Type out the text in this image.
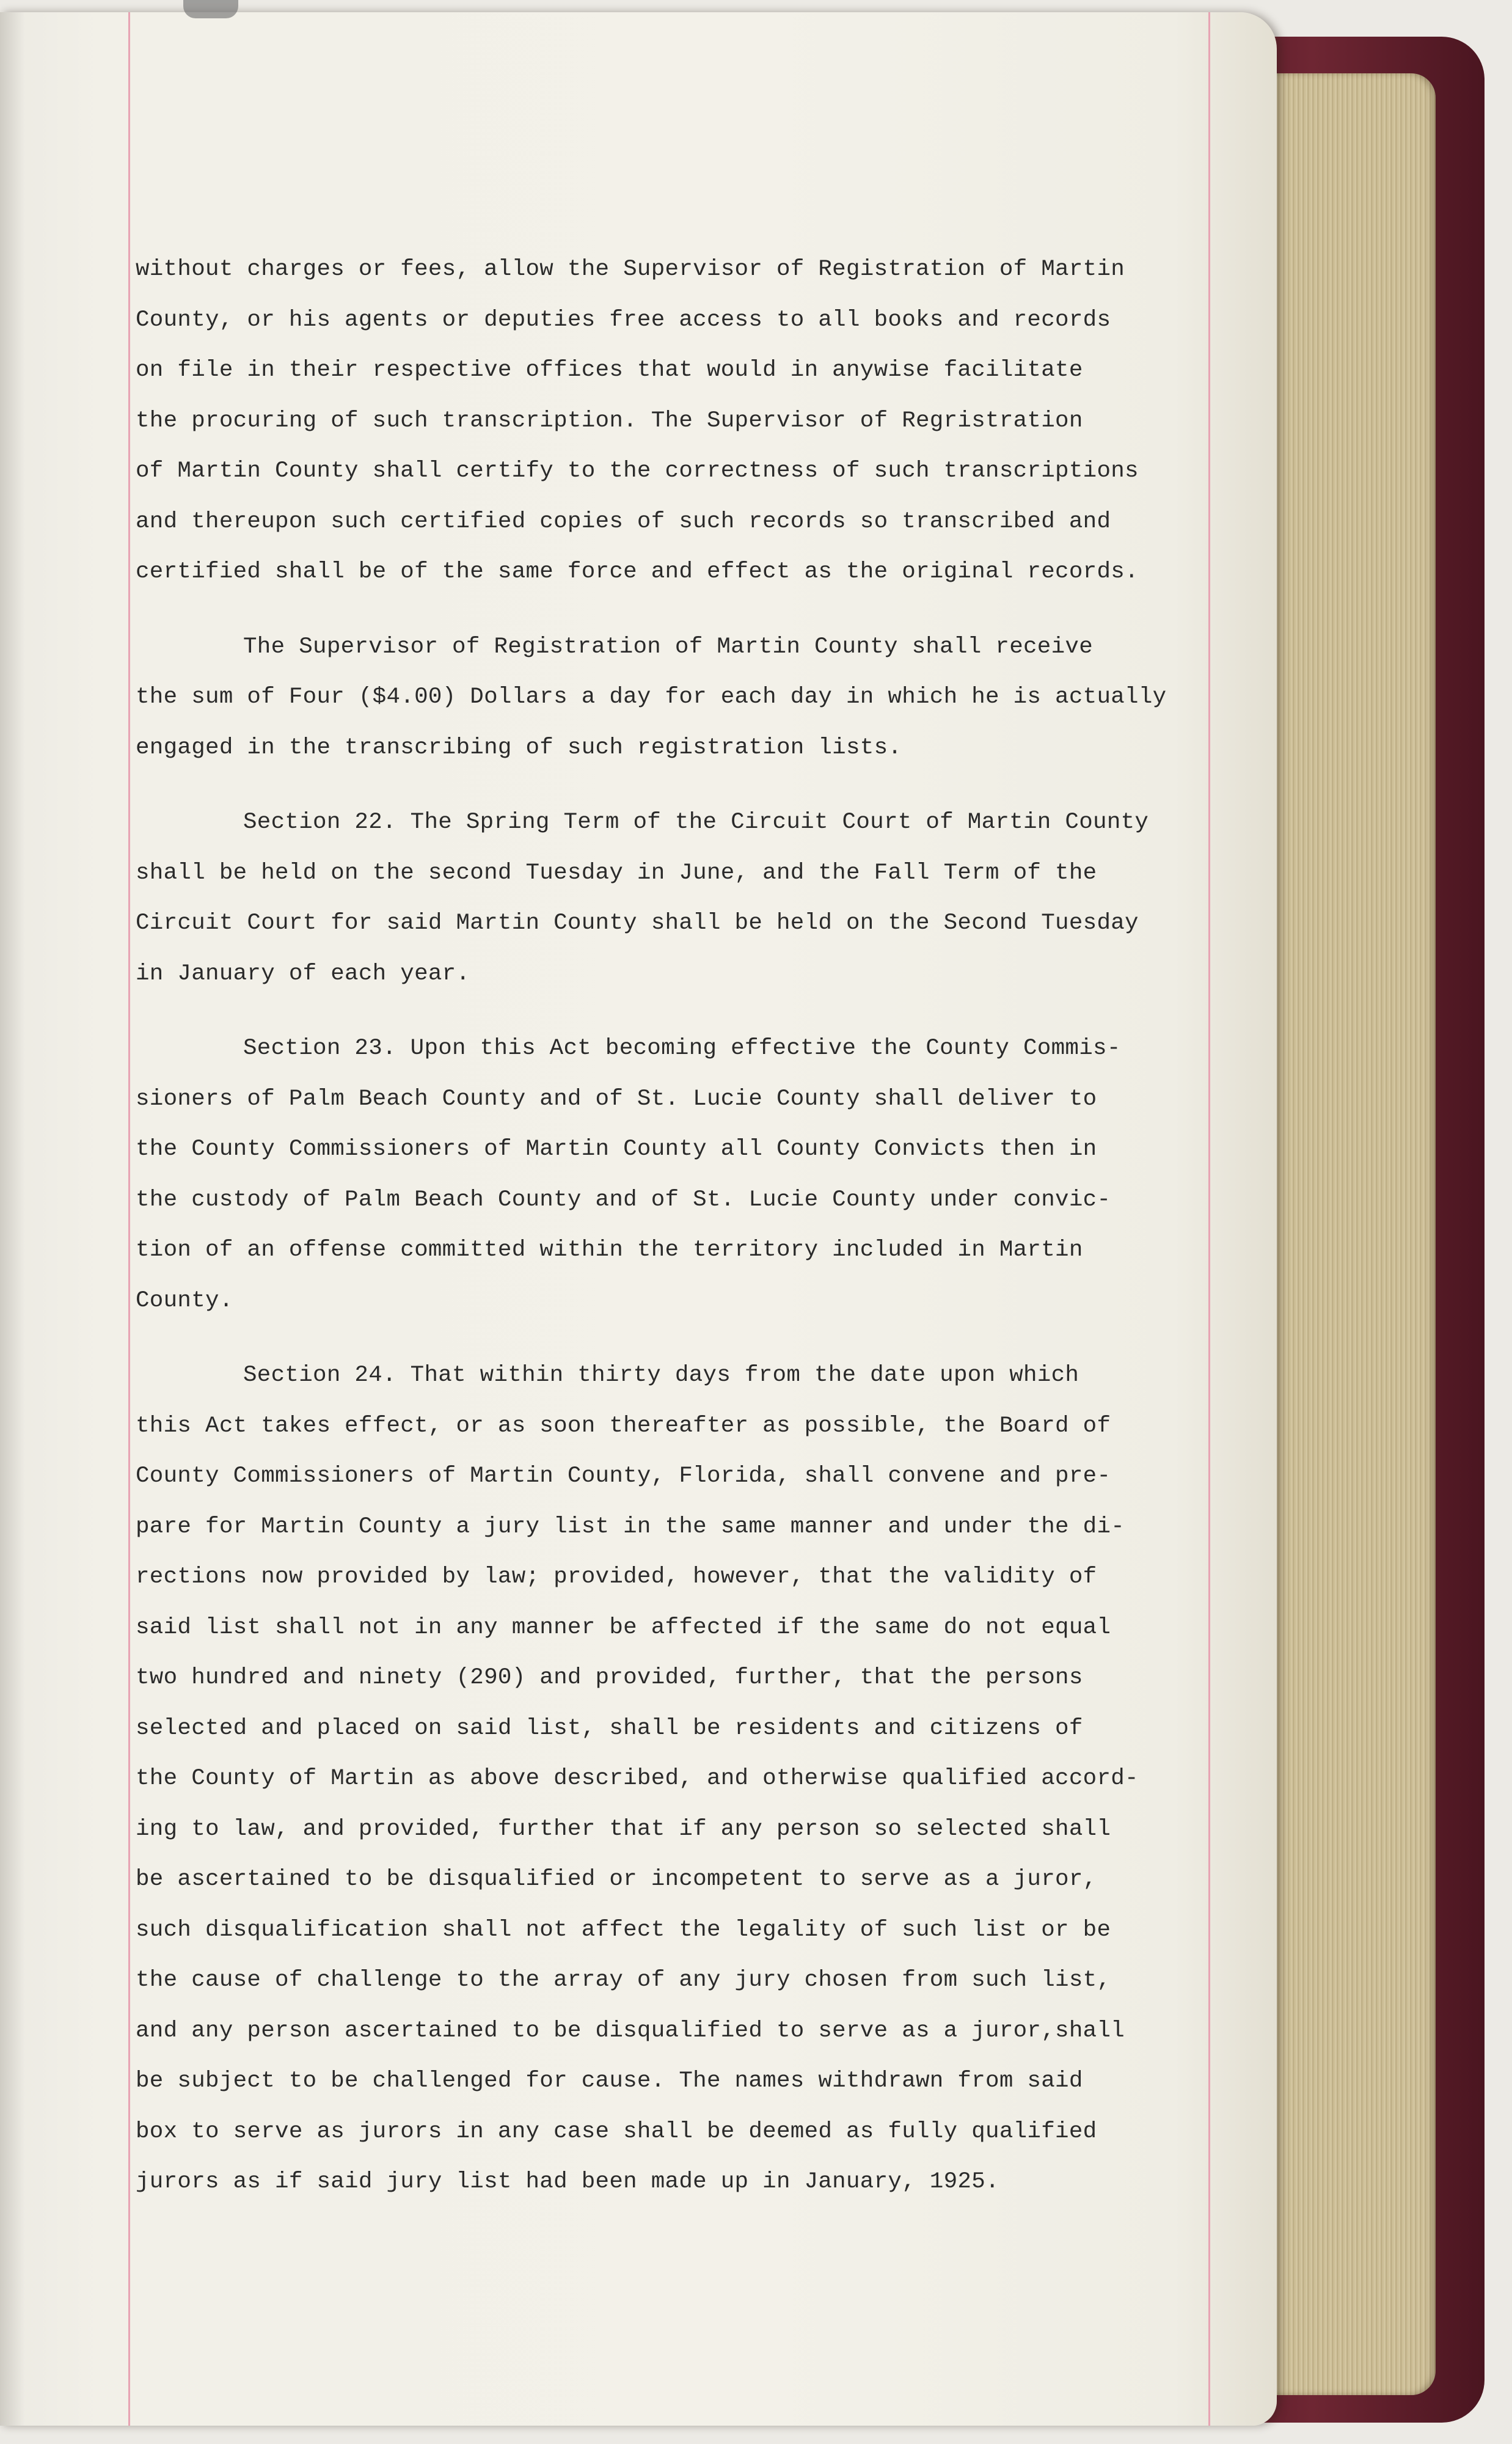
without charges or fees, allow the Supervisor of Registration of Martin
County, or his agents or deputies free access to all books and records
on file in their respective offices that would in anywise facilitate
the procuring of such transcription. The Supervisor of Regristration
of Martin County shall certify to the correctness of such transcriptions
and thereupon such certified copies of such records so transcribed and
certified shall be of the same force and effect as the original records.
The Supervisor of Registration of Martin County shall receive
the sum of Four ($4.00) Dollars a day for each day in which he is actually
engaged in the transcribing of such registration lists.
Section 22. The Spring Term of the Circuit Court of Martin County
shall be held on the second Tuesday in June, and the Fall Term of the
Circuit Court for said Martin County shall be held on the Second Tuesday
in January of each year.
Section 23. Upon this Act becoming effective the County Commis-
sioners of Palm Beach County and of St. Lucie County shall deliver to
the County Commissioners of Martin County all County Convicts then in
the custody of Palm Beach County and of St. Lucie County under convic-
tion of an offense committed within the territory included in Martin
County.
Section 24. That within thirty days from the date upon which
this Act takes effect, or as soon thereafter as possible, the Board of
County Commissioners of Martin County, Florida, shall convene and pre-
pare for Martin County a jury list in the same manner and under the di-
rections now provided by law; provided, however, that the validity of
said list shall not in any manner be affected if the same do not equal
two hundred and ninety (290) and provided, further, that the persons
selected and placed on said list, shall be residents and citizens of
the County of Martin as above described, and otherwise qualified accord-
ing to law, and provided, further that if any person so selected shall
be ascertained to be disqualified or incompetent to serve as a juror,
such disqualification shall not affect the legality of such list or be
the cause of challenge to the array of any jury chosen from such list,
and any person ascertained to be disqualified to serve as a juror,shall
be subject to be challenged for cause. The names withdrawn from said
box to serve as jurors in any case shall be deemed as fully qualified
jurors as if said jury list had been made up in January, 1925.
